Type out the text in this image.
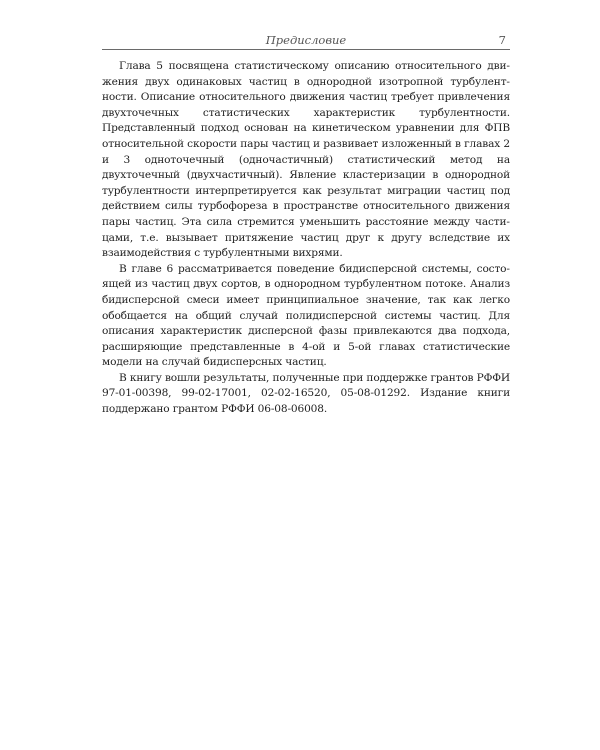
Предисловие	7

Глава 5 посвящена статистическому описанию относительного движения двух одинаковых частиц в однородной изотропной турбулентности. Описание относительного движения частиц требует привлечения двухточечных статистических характеристик турбулентности. Представленный подход основан на кинетическом уравнении для ФПВ относительной скорости пары частиц и развивает изложенный в главах 2 и 3 одноточечный (одночастичный) статистический метод на двухточечный (двухчастичный). Явление кластеризации в однородной турбулентности интерпретируется как результат миграции частиц под действием силы турбофореза в пространстве относительного движения пары частиц. Эта сила стремится уменьшить расстояние между частицами, т.е. вызывает притяжение частиц друг к другу вследствие их взаимодействия с турбулентными вихрями.

В главе 6 рассматривается поведение бидисперсной системы, состоящей из частиц двух сортов, в однородном турбулентном потоке. Анализ бидисперсной смеси имеет принципиальное значение, так как легко обобщается на общий случай полидисперсной системы частиц. Для описания характеристик дисперсной фазы привлекаются два подхода, расширяющие представленные в 4-ой и 5-ой главах статистические модели на случай бидисперсных частиц.

В книгу вошли результаты, полученные при поддержке грантов РФФИ 97-01-00398, 99-02-17001, 02-02-16520, 05-08-01292. Издание книги поддержано грантом РФФИ 06-08-06008.
